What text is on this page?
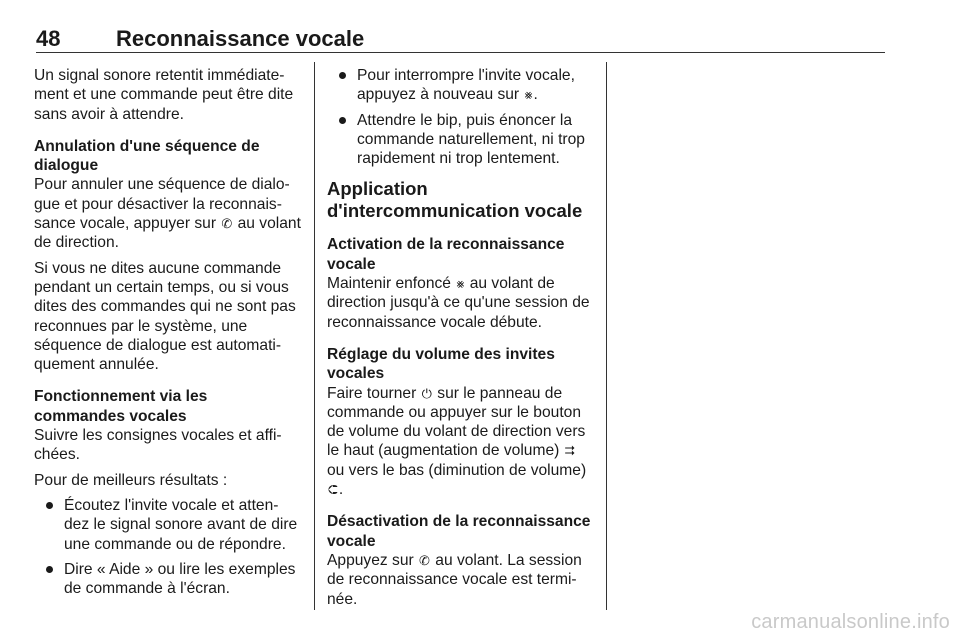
48	Reconnaissance vocale

Un signal sonore retentit immédiate-ment et une commande peut être dite sans avoir à attendre.

Annulation d'une séquence de dialogue

Pour annuler une séquence de dialo-gue et pour désactiver la reconnais-sance vocale, appuyer sur ✆ au volant de direction.

Si vous ne dites aucune commande pendant un certain temps, ou si vous dites des commandes qui ne sont pas reconnues par le système, une séquence de dialogue est automati-quement annulée.

Fonctionnement via les commandes vocales

Suivre les consignes vocales et affi-chées.

Pour de meilleurs résultats :

Écoutez l'invite vocale et atten-dez le signal sonore avant de dire une commande ou de répondre.
Dire « Aide » ou lire les exemples de commande à l'écran.
Pour interrompre l'invite vocale, appuyez à nouveau sur ⨳.
Attendre le bip, puis énoncer la commande naturellement, ni trop rapidement ni trop lentement.
Application d'intercommunication vocale
Activation de la reconnaissance vocale

Maintenir enfoncé ⨳ au volant de direction jusqu'à ce qu'une session de reconnaissance vocale débute.

Réglage du volume des invites vocales

Faire tourner ⏻ sur le panneau de commande ou appuyer sur le bouton de volume du volant de direction vers le haut (augmentation de volume) ⮆ ou vers le bas (diminution de volume) ⮈.

Désactivation de la reconnaissance vocale

Appuyez sur ✆ au volant. La session de reconnaissance vocale est termi-née.

carmanualsonline.info
